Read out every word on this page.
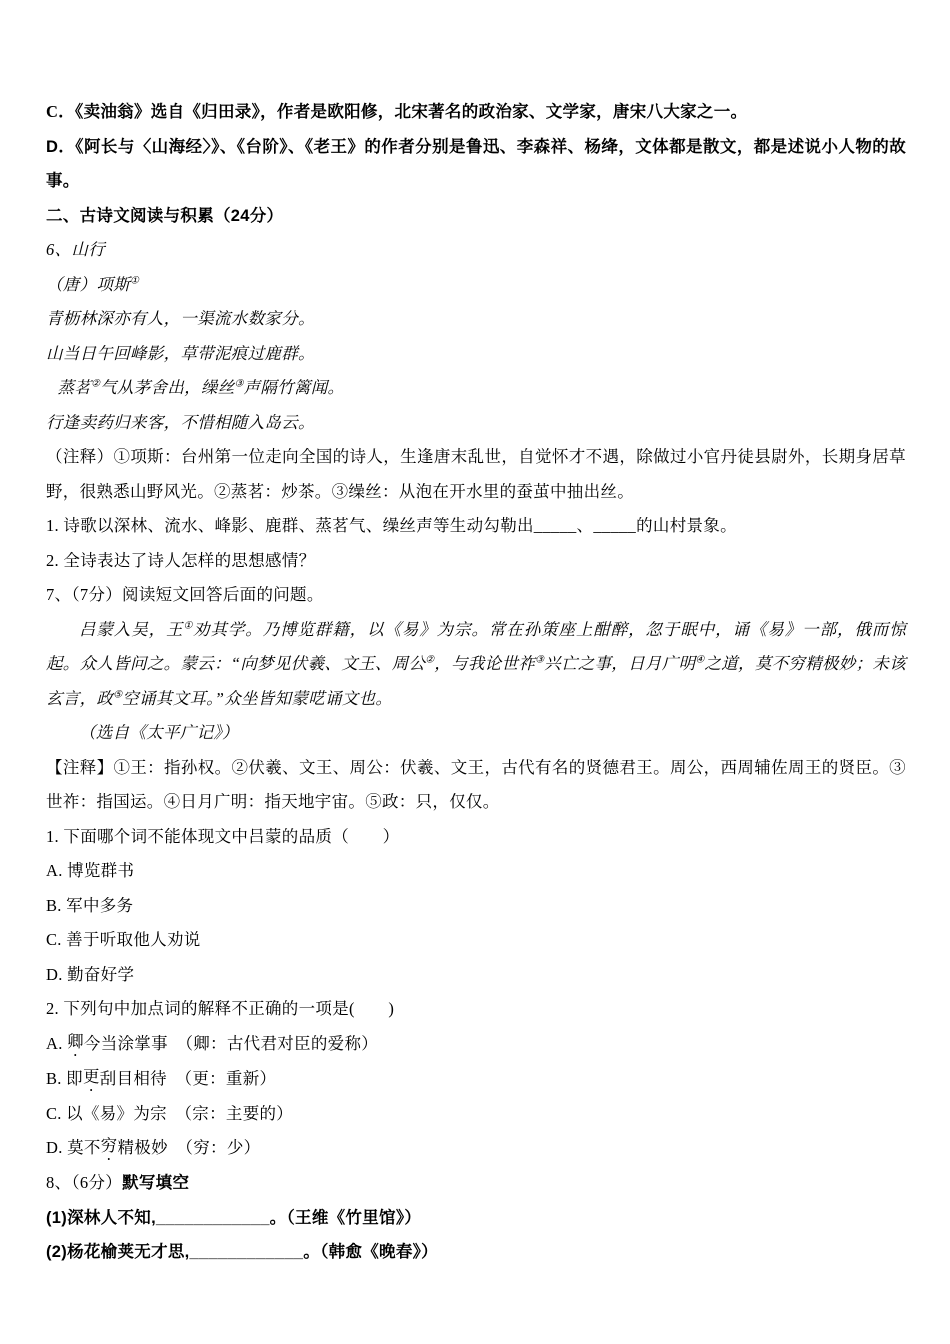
C．《卖油翁》选自《归田录》，作者是欧阳修，北宋著名的政治家、文学家，唐宋八大家之一。

D．《阿长与〈山海经〉》、《台阶》、《老王》的作者分别是鲁迅、李森祥、杨绛，文体都是散文，都是述说小人物的故事。

二、古诗文阅读与积累（24分）

6、山行

（唐）项斯①

青枥林深亦有人，一渠流水数家分。

山当日午回峰影，草带泥痕过鹿群。

蒸茗②气从茅舍出，缲丝③声隔竹篱闻。

行逢卖药归来客，不惜相随入岛云。

（注释）①项斯：台州第一位走向全国的诗人，生逢唐末乱世，自觉怀才不遇，除做过小官丹徒县尉外，长期身居草野，很熟悉山野风光。②蒸茗：炒茶。③缲丝：从泡在开水里的蚕茧中抽出丝。

1. 诗歌以深林、流水、峰影、鹿群、蒸茗气、缲丝声等生动勾勒出_____、_____的山村景象。

2. 全诗表达了诗人怎样的思想感情？

7、（7分）阅读短文回答后面的问题。

吕蒙入吴，王①劝其学。乃博览群籍，以《易》为宗。常在孙策座上酣醉，忽于眠中，诵《易》一部，俄而惊起。众人皆问之。蒙云：“向梦见伏羲、文王、周公②，与我论世祚③兴亡之事，日月广明④之道，莫不穷精极妙；未该玄言，政⑤空诵其文耳。”众坐皆知蒙呓诵文也。

（选自《太平广记》）

【注释】①王：指孙权。②伏羲、文王、周公：伏羲、文王，古代有名的贤德君王。周公，西周辅佐周王的贤臣。③世祚：指国运。④日月广明：指天地宇宙。⑤政：只，仅仅。

1. 下面哪个词不能体现文中吕蒙的品质（　　）

A. 博览群书

B. 军中多务

C. 善于听取他人劝说

D. 勤奋好学

2. 下列句中加点词的解释不正确的一项是(　　)

A. 卿今当涂掌事　（卿：古代君对臣的爱称）

B. 即更刮目相待　（更：重新）

C. 以《易》为宗　（宗：主要的）

D. 莫不穷精极妙　（穷：少）

8、（6分）默写填空

(1)深林人不知,____________。（王维《竹里馆》）

(2)杨花榆荚无才思,____________。（韩愈《晚春》）
